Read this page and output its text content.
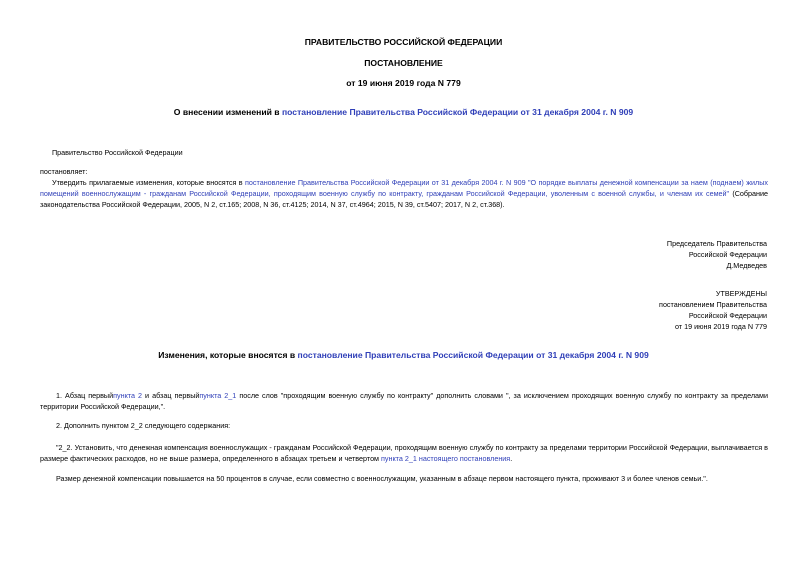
ПРАВИТЕЛЬСТВО РОССИЙСКОЙ ФЕДЕРАЦИИ
ПОСТАНОВЛЕНИЕ
от 19 июня 2019 года N 779
О внесении изменений в постановление Правительства Российской Федерации от 31 декабря 2004 г. N 909
Правительство Российской Федерации
постановляет:
Утвердить прилагаемые изменения, которые вносятся в постановление Правительства Российской Федерации от 31 декабря 2004 г. N 909 "О порядке выплаты денежной компенсации за наем (поднаем) жилых помещений военнослужащим - гражданам Российской Федерации, проходящим военную службу по контракту, гражданам Российской Федерации, уволенным с военной службы, и членам их семей" (Собрание законодательства Российской Федерации, 2005, N 2, ст.165; 2008, N 36, ст.4125; 2014, N 37, ст.4964; 2015, N 39, ст.5407; 2017, N 2, ст.368).
Председатель Правительства
Российской Федерации
Д.Медведев
УТВЕРЖДЕНЫ
постановлением Правительства
Российской Федерации
от 19 июня 2019 года N 779
Изменения, которые вносятся в постановление Правительства Российской Федерации от 31 декабря 2004 г. N 909
1. Абзац первыйпункта 2 и абзац первыйпункта 2_1 после слов "проходящим военную службу по контракту" дополнить словами ", за исключением проходящих военную службу по контракту за пределами территории Российской Федерации,".
2. Дополнить пунктом 2_2 следующего содержания:
"2_2. Установить, что денежная компенсация военнослужащих - гражданам Российской Федерации, проходящим военную службу по контракту за пределами территории Российской Федерации, выплачивается в размере фактических расходов, но не выше размера, определенного в абзацах третьем и четвертом пункта 2_1 настоящего постановления.
Размер денежной компенсации повышается на 50 процентов в случае, если совместно с военнослужащим, указанным в абзаце первом настоящего пункта, проживают 3 и более членов семьи.".
